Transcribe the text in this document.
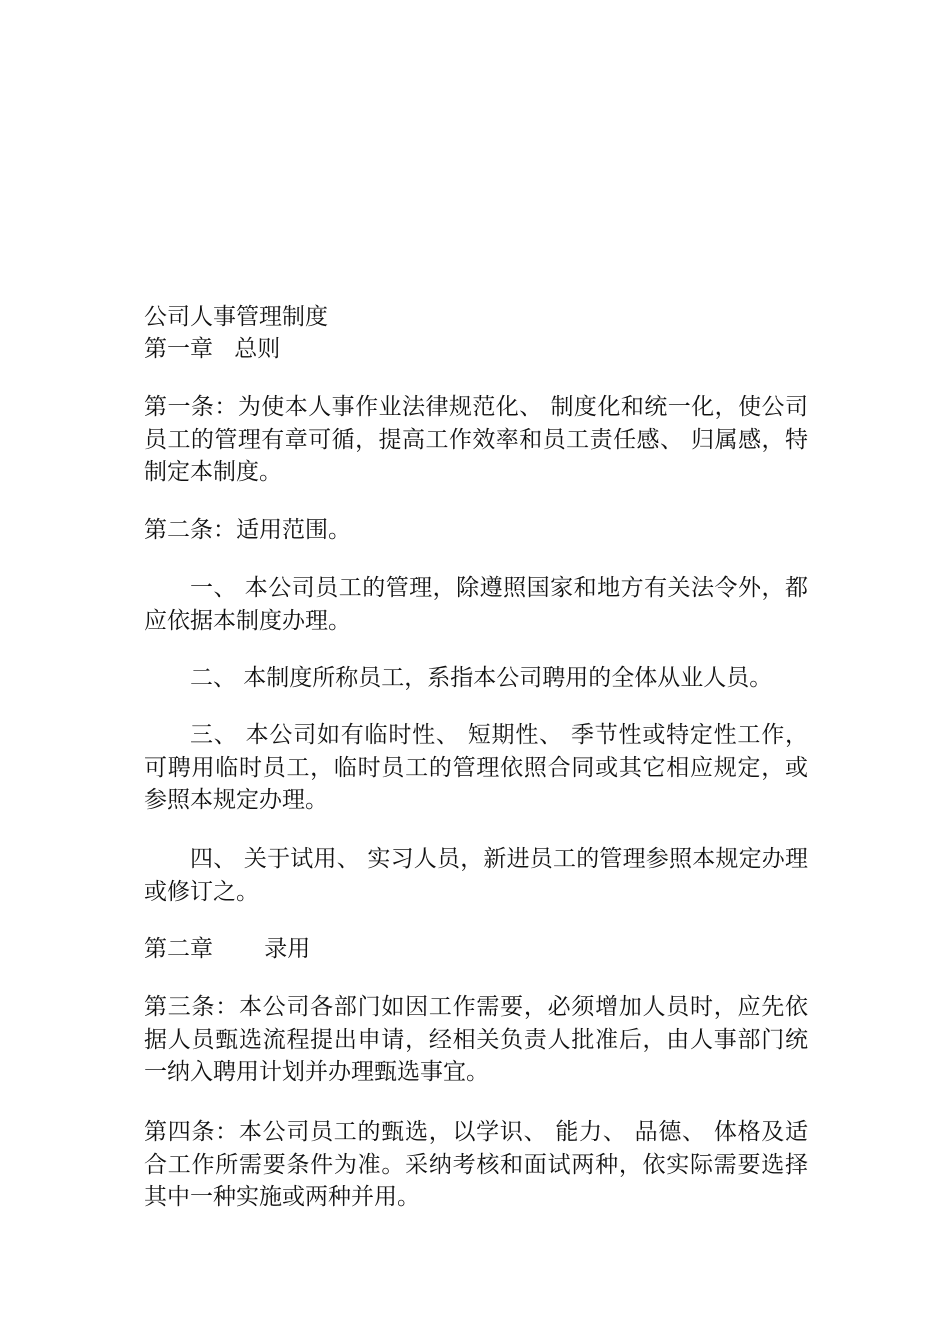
公司人事管理制度

第一章 总则

第一条：为使本人事作业法律规范化、 制度化和统一化，使公司员工的管理有章可循，提高工作效率和员工责任感、 归属感，特制定本制度。

第二条：适用范围。

一、 本公司员工的管理，除遵照国家和地方有关法令外，都应依据本制度办理。

二、 本制度所称员工，系指本公司聘用的全体从业人员。

三、 本公司如有临时性、 短期性、 季节性或特定性工作，可聘用临时员工，临时员工的管理依照合同或其它相应规定，或参照本规定办理。

四、 关于试用、 实习人员，新进员工的管理参照本规定办理或修订之。

第二章 录用

第三条：本公司各部门如因工作需要，必须增加人员时，应先依据人员甄选流程提出申请，经相关负责人批准后，由人事部门统一纳入聘用计划并办理甄选事宜。

第四条：本公司员工的甄选，以学识、 能力、 品德、 体格及适合工作所需要条件为准。采纳考核和面试两种，依实际需要选择其中一种实施或两种并用。
